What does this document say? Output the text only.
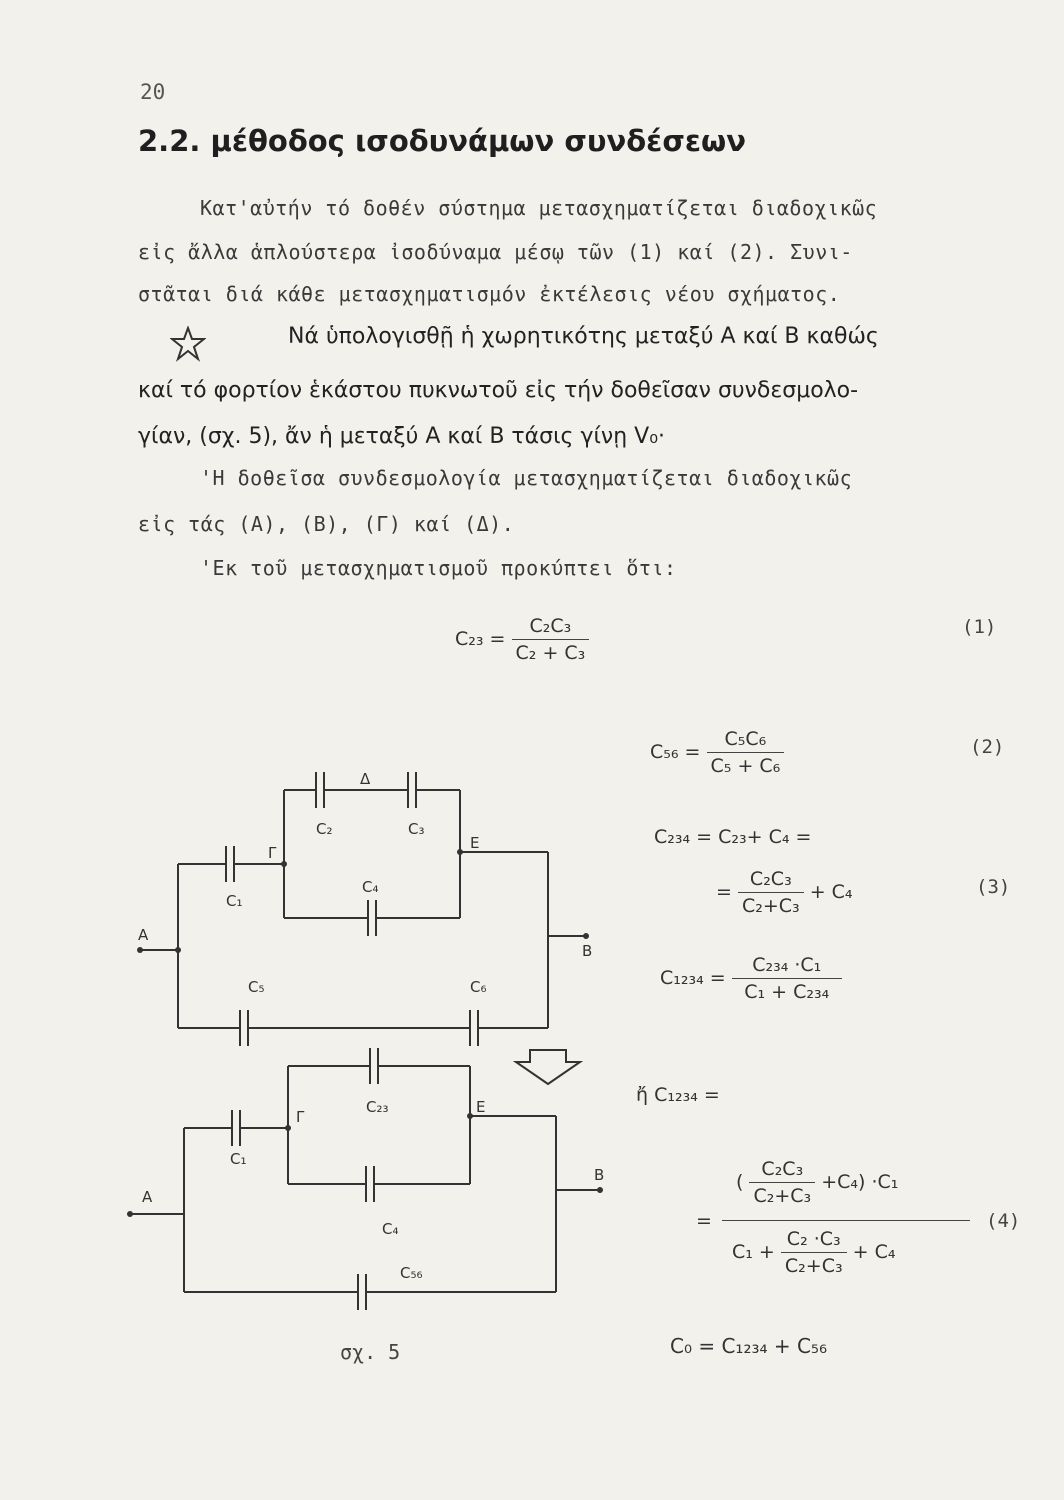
20
2.2. μέθοδος ισοδυνάμων συνδέσεων
Κατ'αὐτήν τό δοθέν σύστημα μετασχηματίζεται διαδοχικῶς
εἰς ἄλλα ἁπλούστερα ἰσοδύναμα μέσῳ τῶν (1) καί (2). Συνι-
στᾶται διά κάθε μετασχηματισμόν ἐκτέλεσις νέου σχήματος.
Νά ὑπολογισθῇ ἡ χωρητικότης μεταξύ Α καί Β καθώς
καί τό φορτίον ἑκάστου πυκνωτοῦ εἰς τήν δοθεῖσαν συνδεσμολο-
γίαν, (σχ. 5), ἄν ἡ μεταξύ Α καί Β τάσις γίνῃ V₀·
'Η δοθεῖσα συνδεσμολογία μετασχηματίζεται διαδοχικῶς
εἰς τάς (Α), (Β), (Γ) καί (Δ).
'Εκ τοῦ μετασχηματισμοῦ προκύπτει ὅτι:
$C_{23} = \frac{\text{C₂C₃}}{\text{C₂ + C₃}}$	(1)
$C_{56} = \frac{\text{C₅C₆}}{\text{C₅ + C₆}}$	(2)
C₂₃₄ = C₂₃+ C₄ =
= $\frac{\text{C₂C₃}}{\text{C₂+C₃}} + C_4$	(3)
$C_{1234} = \frac{\text{C₂₃₄ ·C₁}}{\text{C₁ + C₂₃₄}}$
ἤ C₁₂₃₄ =
=
( $\frac{\text{C₂C₃}}{\text{C₂+C₃}} +C_4) \cdot C_1$
$C_1 + \frac{\text{C₂ ·C₃}}{\text{C₂+C₃}} + C_4$
(4)
C₀ = C₁₂₃₄ + C₅₆
A
B
Γ
Δ
E
C₁
C₂	C₃
C₄
C₅	C₆
A
B
Γ
E
C₁
C₂₃
C₄
C₅₆
σχ. 5
